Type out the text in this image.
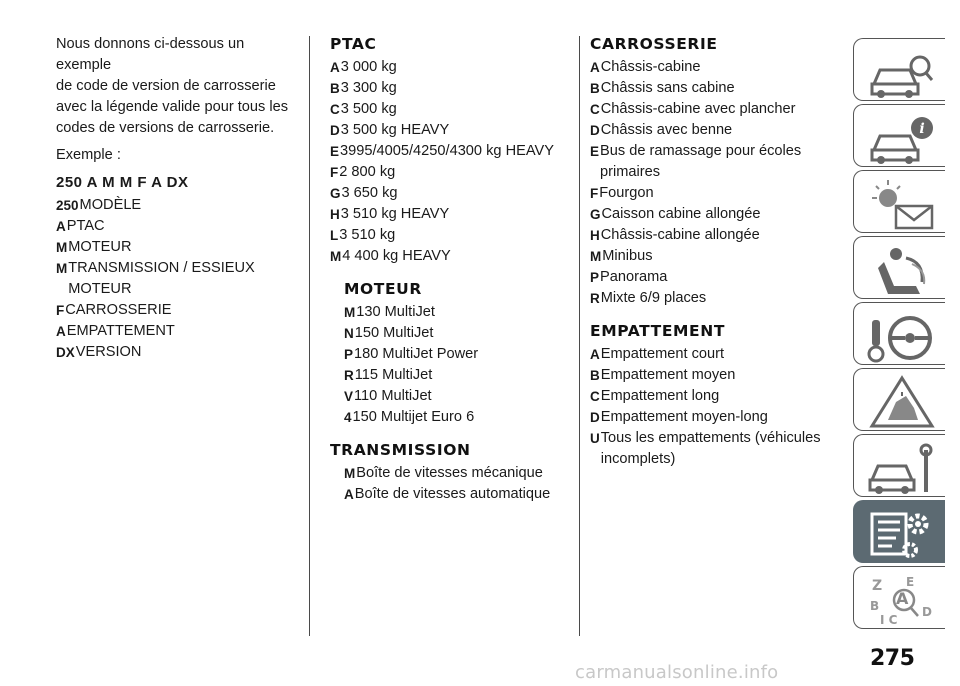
Nous donnons ci-dessous un exemple
de code de version de carrosserie
avec la légende valide pour tous les
codes de versions de carrosserie.
Exemple :
250 A M M F A DX
250 MODÈLE
A PTAC
M MOTEUR
M TRANSMISSION / ESSIEUX
MOTEUR
F CARROSSERIE
A EMPATTEMENT
DX VERSION
PTAC
A 3 000 kg
B 3 300 kg
C 3 500 kg
D 3 500 kg HEAVY
E 3995/4005/4250/4300 kg HEAVY
F 2 800 kg
G 3 650 kg
H 3 510 kg HEAVY
L 3 510 kg
M 4 400 kg HEAVY
MOTEUR
M 130 MultiJet
N 150 MultiJet
P 180 MultiJet Power
R 115 MultiJet
V 110 MultiJet
4 150 Multijet Euro 6
TRANSMISSION
M Boîte de vitesses mécanique
A Boîte de vitesses automatique
CARROSSERIE
A Châssis-cabine
B Châssis sans cabine
C Châssis-cabine avec plancher
D Châssis avec benne
E Bus de ramassage pour écoles
primaires
F Fourgon
G Caisson cabine allongée
H Châssis-cabine allongée
M Minibus
P Panorama
R Mixte 6/9 places
EMPATTEMENT
A Empattement court
B Empattement moyen
C Empattement long
D Empattement moyen-long
U Tous les empattements (véhicules
incomplets)
i
Z E
B A
I C
D
275
carmanualsonline.info
